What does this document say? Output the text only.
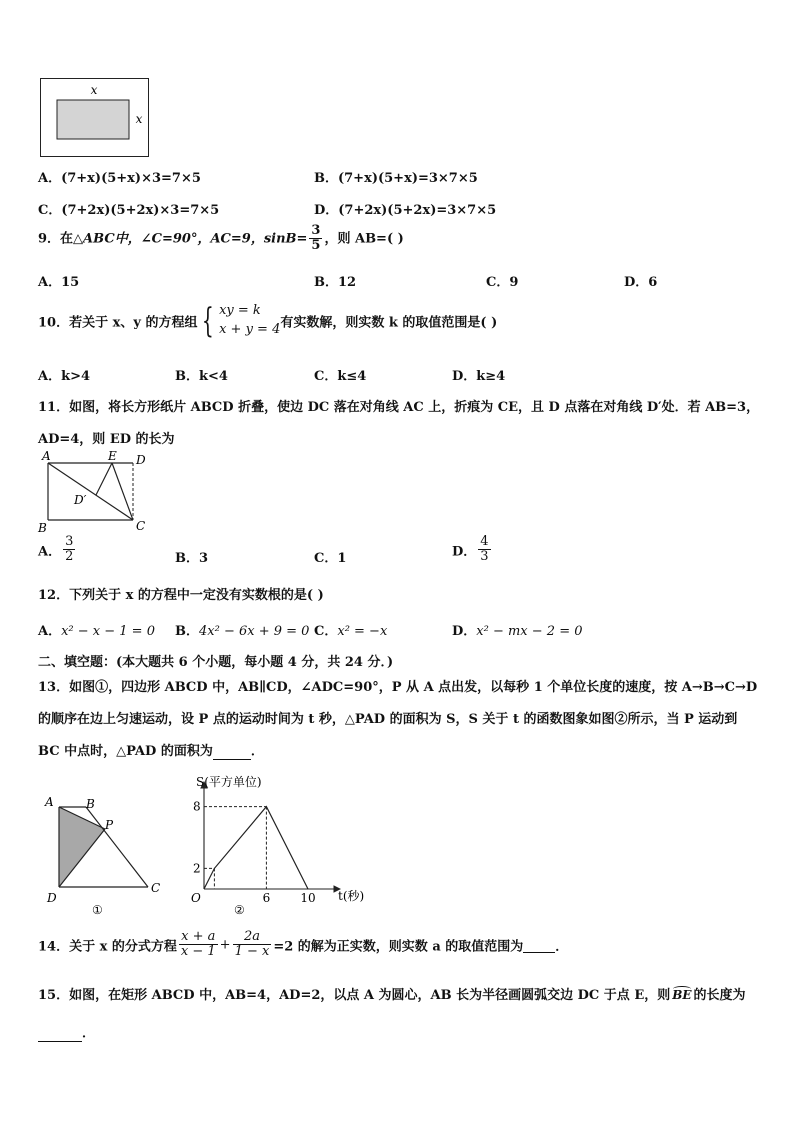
x
x
A．(7+x)(5+x)×3=7×5	B．(7+x)(5+x)=3×7×5
C．(7+2x)(5+2x)×3=7×5	D．(7+2x)(5+2x)=3×7×5
9．在△ABC中，∠C=90°，AC=9，$\sin B= \frac{3}{5}$ ，则 AB=( )
A．15	B．12	C．9	D．6
10．若关于 x、y 的方程组 { xy = k
x + y = 4 有实数解，则实数 k 的取值范围是( )
A．k>4	B．k<4	C．k≤4	D．k≥4
11．如图，将长方形纸片 ABCD 折叠，使边 DC 落在对角线 AC 上，折痕为 CE，且 D 点落在对角线 D′处．若 AB=3，
AD=4，则 ED 的长为
A	E D
D′
B	C
A． $\frac{3}{2}$	B．3	C．1	D． $\frac{4}{3}$
12．下列关于 x 的方程中一定没有实数根的是( )
A．x² − x − 1 = 0 B．4x² − 6x + 9 = 0 C．x² = −x	D．x² − mx − 2 = 0
二、填空题：(本大题共 6 个小题，每小题 4 分，共 24 分．)
13．如图①，四边形 ABCD 中，AB∥CD，∠ADC=90°，P 从 A 点出发，以每秒 1 个单位长度的速度，按 A→B→C→D
的顺序在边上匀速运动，设 P 点的运动时间为 t 秒，△PAD 的面积为 S，S 关于 t 的函数图象如图②所示，当 P 运动到
BC 中点时，△PAD 的面积为	．
A	B
P
D
C
①
S(平方单位)
8
2
O	6	10 t(秒)
②
14．关于 x 的分式方程 $\frac{x + a}{x - 1} + \frac{2a}{1 - x} =2$ 的解为正实数，则实数 a 的取值范围为 ．
15．如图，在矩形 ABCD 中，AB=4，AD=2，以点 A 为圆心，AB 长为半径画圆弧交边 DC 于点 E，则 BE 的长度为
．
